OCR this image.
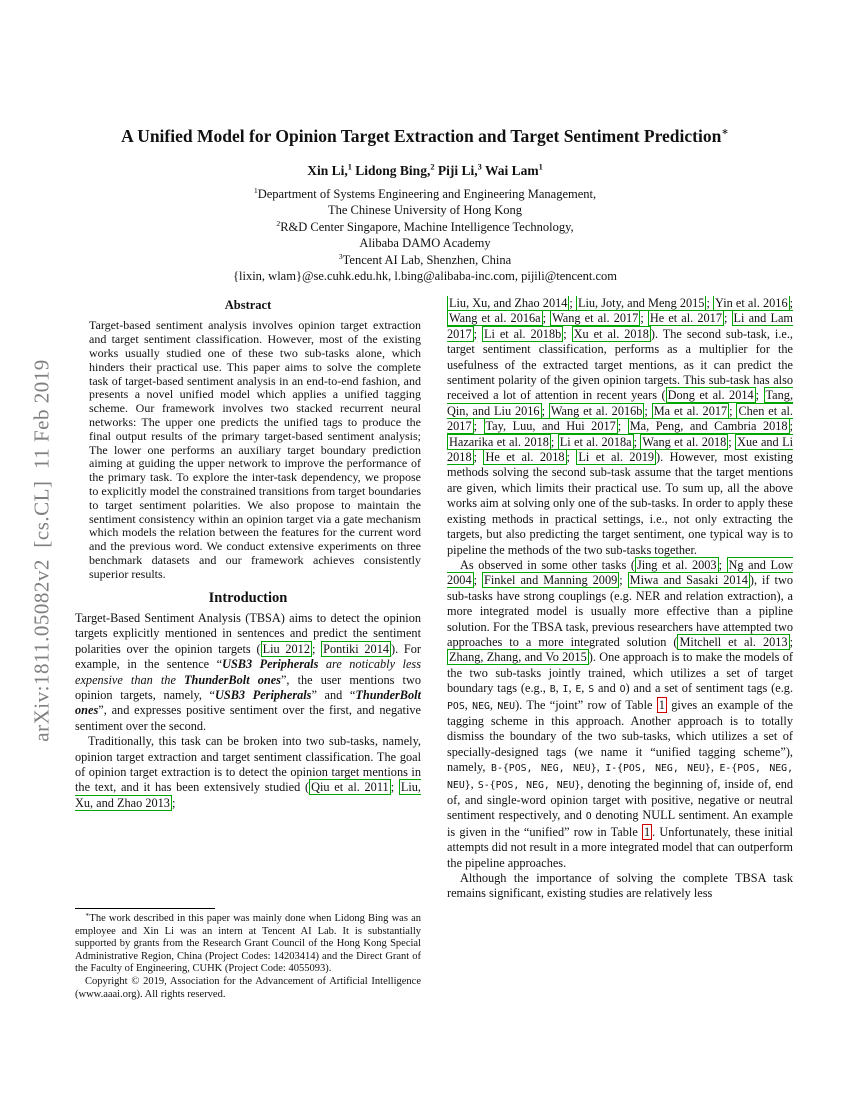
arXiv:1811.05082v2  [cs.CL]  11 Feb 2019
A Unified Model for Opinion Target Extraction and Target Sentiment Prediction∗
Xin Li,$^1$ Lidong Bing,$^2$ Piji Li,$^3$ Wai Lam$^1$
$^1$Department of Systems Engineering and Engineering Management,
The Chinese University of Hong Kong
$^2$R&D Center Singapore, Machine Intelligence Technology,
Alibaba DAMO Academy
$^3$Tencent AI Lab, Shenzhen, China
{lixin, wlam}@se.cuhk.edu.hk, l.bing@alibaba-inc.com, pijili@tencent.com
Abstract
Target-based sentiment analysis involves opinion target extraction and target sentiment classification. However, most of the existing works usually studied one of these two sub-tasks alone, which hinders their practical use. This paper aims to solve the complete task of target-based sentiment analysis in an end-to-end fashion, and presents a novel unified model which applies a unified tagging scheme. Our framework involves two stacked recurrent neural networks: The upper one predicts the unified tags to produce the final output results of the primary target-based sentiment analysis; The lower one performs an auxiliary target boundary prediction aiming at guiding the upper network to improve the performance of the primary task. To explore the inter-task dependency, we propose to explicitly model the constrained transitions from target boundaries to target sentiment polarities. We also propose to maintain the sentiment consistency within an opinion target via a gate mechanism which models the relation between the features for the current word and the previous word. We conduct extensive experiments on three benchmark datasets and our framework achieves consistently superior results.
Introduction

Target-Based Sentiment Analysis (TBSA) aims to detect the opinion targets explicitly mentioned in sentences and predict the sentiment polarities over the opinion targets ( Liu 2012 ; Pontiki 2014 ). For example, in the sentence “USB3 Peripherals are noticably less expensive than the ThunderBolt ones”, the user mentions two opinion targets, namely, “USB3 Peripherals” and “ThunderBolt ones”, and expresses positive sentiment over the first, and negative sentiment over the second.

Traditionally, this task can be broken into two sub-tasks, namely, opinion target extraction and target sentiment classification. The goal of opinion target extraction is to detect the opinion target mentions in the text, and it has been extensively studied ( Qiu et al. 2011 ; Liu, Xu, and Zhao 2013 ;

Liu, Xu, and Zhao 2014 ; Liu, Joty, and Meng 2015 ; Yin et al. 2016 ; Wang et al. 2016a ; Wang et al. 2017 ; He et al. 2017 ; Li and Lam 2017 ; Li et al. 2018b ; Xu et al. 2018 ). The second sub-task, i.e., target sentiment classification, performs as a multiplier for the usefulness of the extracted target mentions, as it can predict the sentiment polarity of the given opinion targets. This sub-task has also received a lot of attention in recent years ( Dong et al. 2014 ; Tang, Qin, and Liu 2016 ; Wang et al. 2016b ; Ma et al. 2017 ; Chen et al. 2017 ; Tay, Luu, and Hui 2017 ; Ma, Peng, and Cambria 2018 ; Hazarika et al. 2018 ; Li et al. 2018a ; Wang et al. 2018 ; Xue and Li 2018 ; He et al. 2018 ; Li et al. 2019 ). However, most existing methods solving the second sub-task assume that the target mentions are given, which limits their practical use. To sum up, all the above works aim at solving only one of the sub-tasks. In order to apply these existing methods in practical settings, i.e., not only extracting the targets, but also predicting the target sentiment, one typical way is to pipeline the methods of the two sub-tasks together.

As observed in some other tasks ( Jing et al. 2003 ; Ng and Low 2004 ; Finkel and Manning 2009 ; Miwa and Sasaki 2014 ), if two sub-tasks have strong couplings (e.g. NER and relation extraction), a more integrated model is usually more effective than a pipline solution. For the TBSA task, previous researchers have attempted two approaches to a more integrated solution ( Mitchell et al. 2013 ; Zhang, Zhang, and Vo 2015 ). One approach is to make the models of the two sub-tasks jointly trained, which utilizes a set of target boundary tags (e.g., B, I, E, S and O) and a set of sentiment tags (e.g. POS, NEG, NEU). The “joint” row of Table 1 gives an example of the tagging scheme in this approach. Another approach is to totally dismiss the boundary of the two sub-tasks, which utilizes a set of specially-designed tags (we name it “unified tagging scheme”), namely, B-{POS, NEG, NEU}, I-{POS, NEG, NEU}, E-{POS, NEG, NEU}, S-{POS, NEG, NEU}, denoting the beginning of, inside of, end of, and single-word opinion target with positive, negative or neutral sentiment respectively, and O denoting NULL sentiment. An example is given in the “unified” row in Table 1 . Unfortunately, these initial attempts did not result in a more integrated model that can outperform the pipeline approaches.

Although the importance of solving the complete TBSA task remains significant, existing studies are relatively less

∗The work described in this paper was mainly done when Lidong Bing was an employee and Xin Li was an intern at Tencent AI Lab. It is substantially supported by grants from the Research Grant Council of the Hong Kong Special Administrative Region, China (Project Codes: 14203414) and the Direct Grant of the Faculty of Engineering, CUHK (Project Code: 4055093).

Copyright © 2019, Association for the Advancement of Artificial Intelligence (www.aaai.org). All rights reserved.
